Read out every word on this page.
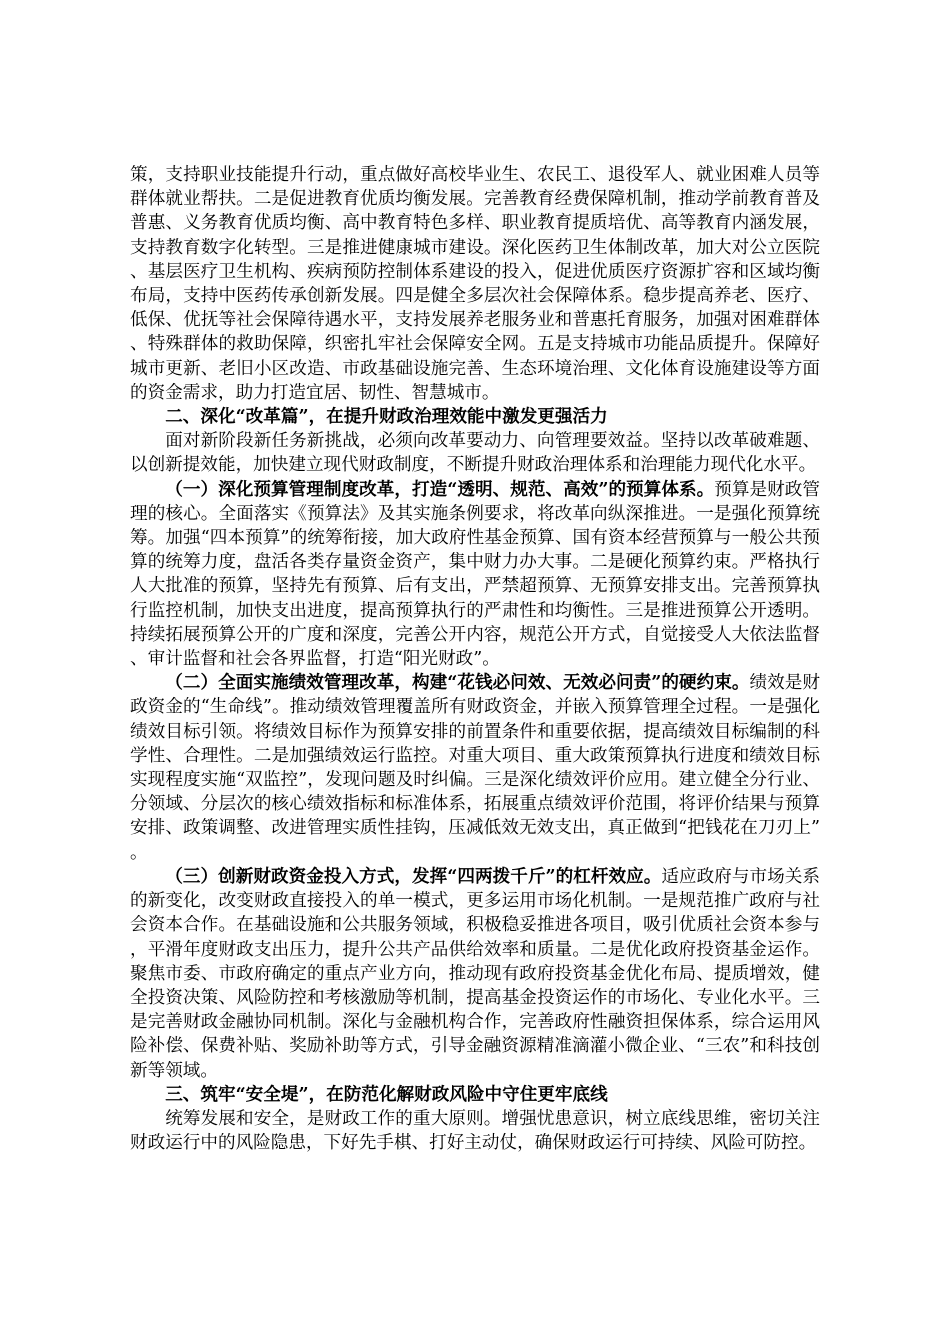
策，支持职业技能提升行动，重点做好高校毕业生、农民工、退役军人、就业困难人员等群体就业帮扶。二是促进教育优质均衡发展。完善教育经费保障机制，推动学前教育普及普惠、义务教育优质均衡、高中教育特色多样、职业教育提质培优、高等教育内涵发展，支持教育数字化转型。三是推进健康城市建设。深化医药卫生体制改革，加大对公立医院、基层医疗卫生机构、疾病预防控制体系建设的投入，促进优质医疗资源扩容和区域均衡布局，支持中医药传承创新发展。四是健全多层次社会保障体系。稳步提高养老、医疗、低保、优抚等社会保障待遇水平，支持发展养老服务业和普惠托育服务，加强对困难群体、特殊群体的救助保障，织密扎牢社会保障安全网。五是支持城市功能品质提升。保障好城市更新、老旧小区改造、市政基础设施完善、生态环境治理、文化体育设施建设等方面的资金需求，助力打造宜居、韧性、智慧城市。

二、深化“改革篇”，在提升财政治理效能中激发更强活力

面对新阶段新任务新挑战，必须向改革要动力、向管理要效益。坚持以改革破难题、以创新提效能，加快建立现代财政制度，不断提升财政治理体系和治理能力现代化水平。

（一）深化预算管理制度改革，打造“透明、规范、高效”的预算体系。预算是财政管理的核心。全面落实《预算法》及其实施条例要求，将改革向纵深推进。一是强化预算统筹。加强“四本预算”的统筹衔接，加大政府性基金预算、国有资本经营预算与一般公共预算的统筹力度，盘活各类存量资金资产，集中财力办大事。二是硬化预算约束。严格执行人大批准的预算，坚持先有预算、后有支出，严禁超预算、无预算安排支出。完善预算执行监控机制，加快支出进度，提高预算执行的严肃性和均衡性。三是推进预算公开透明。持续拓展预算公开的广度和深度，完善公开内容，规范公开方式，自觉接受人大依法监督、审计监督和社会各界监督，打造“阳光财政”。

（二）全面实施绩效管理改革，构建“花钱必问效、无效必问责”的硬约束。绩效是财政资金的“生命线”。推动绩效管理覆盖所有财政资金，并嵌入预算管理全过程。一是强化绩效目标引领。将绩效目标作为预算安排的前置条件和重要依据，提高绩效目标编制的科学性、合理性。二是加强绩效运行监控。对重大项目、重大政策预算执行进度和绩效目标实现程度实施“双监控”，发现问题及时纠偏。三是深化绩效评价应用。建立健全分行业、分领域、分层次的核心绩效指标和标准体系，拓展重点绩效评价范围，将评价结果与预算安排、政策调整、改进管理实质性挂钩，压减低效无效支出，真正做到“把钱花在刀刃上”。

（三）创新财政资金投入方式，发挥“四两拨千斤”的杠杆效应。适应政府与市场关系的新变化，改变财政直接投入的单一模式，更多运用市场化机制。一是规范推广政府与社会资本合作。在基础设施和公共服务领域，积极稳妥推进各项目，吸引优质社会资本参与，平滑年度财政支出压力，提升公共产品供给效率和质量。二是优化政府投资基金运作。聚焦市委、市政府确定的重点产业方向，推动现有政府投资基金优化布局、提质增效，健全投资决策、风险防控和考核激励等机制，提高基金投资运作的市场化、专业化水平。三是完善财政金融协同机制。深化与金融机构合作，完善政府性融资担保体系，综合运用风险补偿、保费补贴、奖励补助等方式，引导金融资源精准滴灌小微企业、“三农”和科技创新等领域。

三、筑牢“安全堤”，在防范化解财政风险中守住更牢底线

统筹发展和安全，是财政工作的重大原则。增强忧患意识，树立底线思维，密切关注财政运行中的风险隐患，下好先手棋、打好主动仗，确保财政运行可持续、风险可防控。
